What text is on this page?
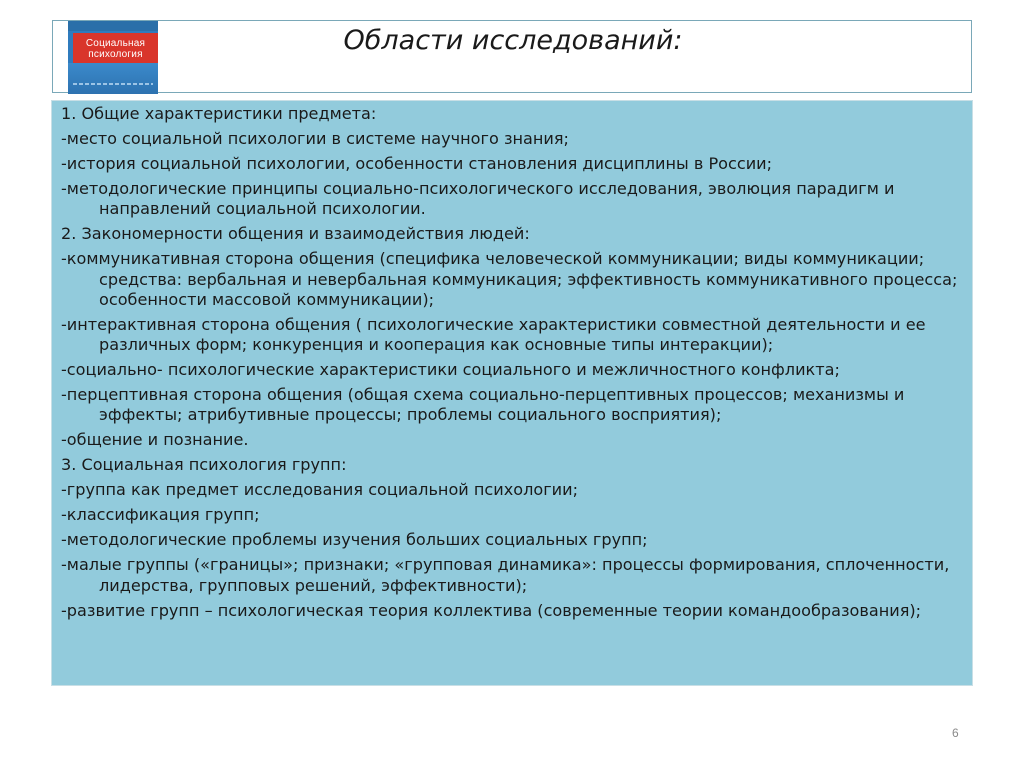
Социальная
психология	Области исследований:
1. Общие характеристики предмета:
-место социальной психологии в системе научного знания;
-история социальной психологии, особенности становления дисциплины в России;
-методологические принципы социально-психологического исследования, эволюция парадигм и направлений социальной психологии.
2. Закономерности общения и взаимодействия людей:
-коммуникативная сторона общения (специфика человеческой коммуникации; виды коммуникации; средства: вербальная и невербальная коммуникация; эффективность коммуникативного процесса; особенности массовой коммуникации);
-интерактивная сторона общения ( психологические характеристики совместной деятельности и ее различных форм; конкуренция и кооперация как основные типы интеракции);
-социально- психологические характеристики социального и межличностного конфликта;
-перцептивная сторона общения (общая схема социально-перцептивных процессов; механизмы и эффекты; атрибутивные процессы; проблемы социального восприятия);
-общение и познание.
3. Социальная психология групп:
-группа как предмет исследования социальной психологии;
-классификация групп;
-методологические проблемы изучения больших социальных групп;
-малые группы («границы»; признаки; «групповая динамика»: процессы формирования, сплоченности, лидерства, групповых решений, эффективности);
-развитие групп – психологическая теория коллектива (современные теории командообразования);
6
